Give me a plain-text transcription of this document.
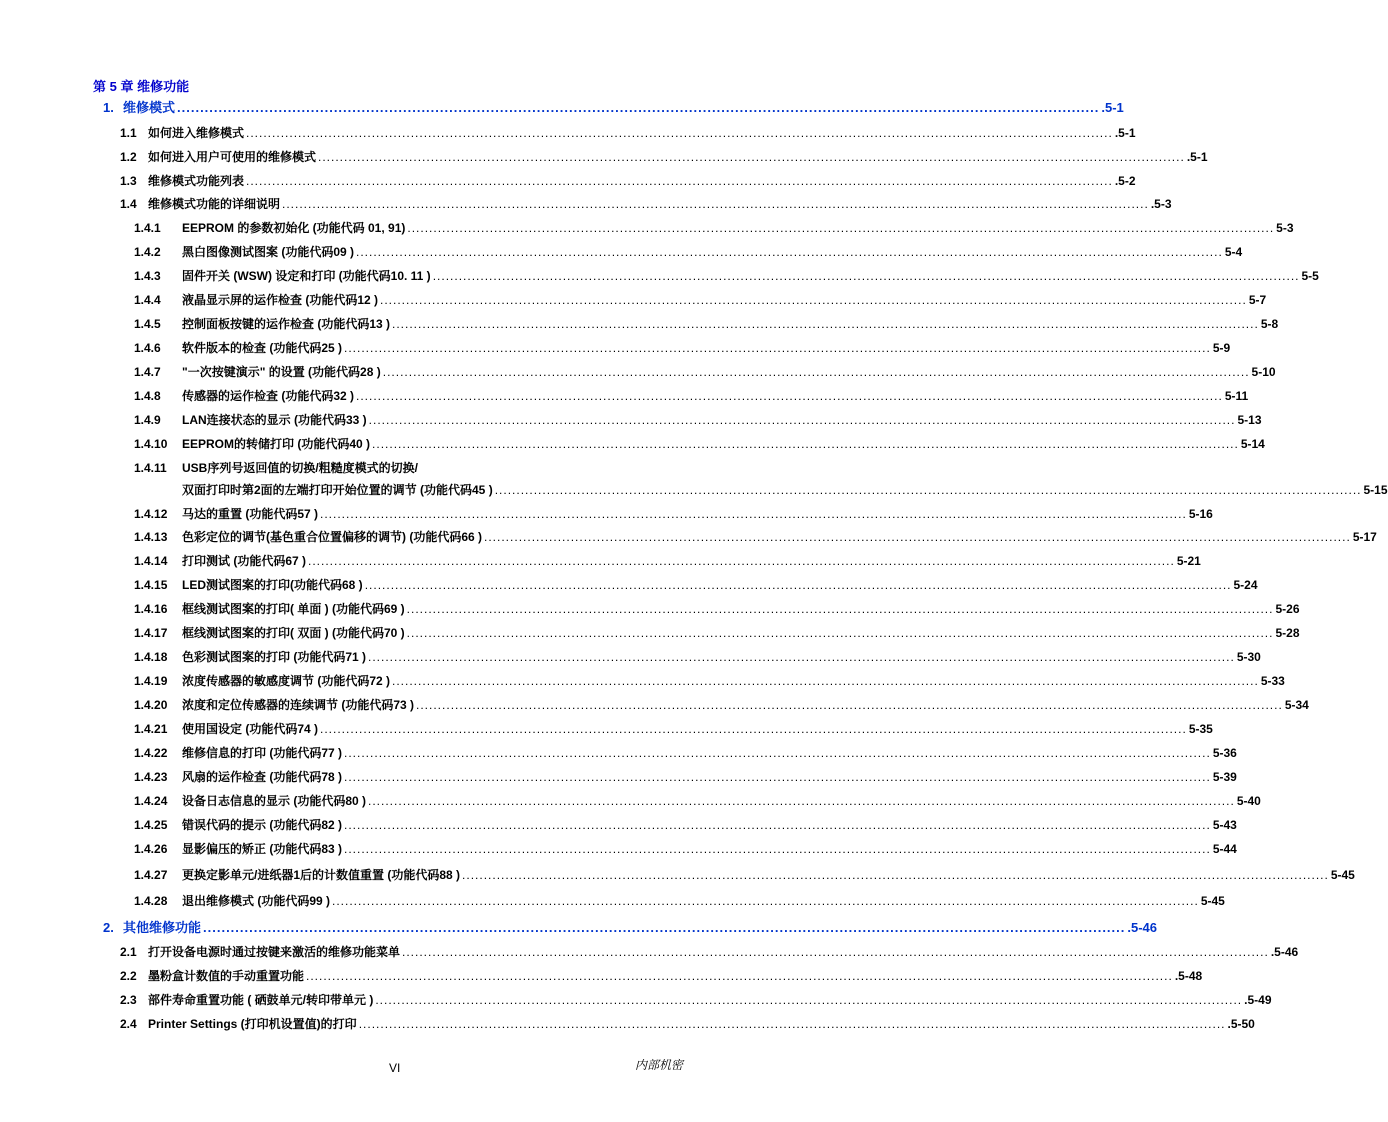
第 5 章 维修功能
1. 维修模式 ........................................................................................................................................................................................................ .5-1
1.1 如何进入维修模式 ........................................................................................................................................................................................................ .5-1
1.2 如何进入用户可使用的维修模式 ........................................................................................................................................................................................................ .5-1
1.3 维修模式功能列表 ........................................................................................................................................................................................................ .5-2
1.4 维修模式功能的详细说明 ........................................................................................................................................................................................................ .5-3
1.4.1	EEPROM 的参数初始化 (功能代码 01, 91) ........................................................................................................................................................................................................ 5-3
1.4.2	黑白图像测试图案 (功能代码09 ) ........................................................................................................................................................................................................ 5-4
1.4.3	固件开关 (WSW) 设定和打印 (功能代码10. 11 ) ........................................................................................................................................................................................................ 5-5
1.4.4	液晶显示屏的运作检查 (功能代码12 ) ........................................................................................................................................................................................................ 5-7
1.4.5	控制面板按键的运作检查 (功能代码13 ) ........................................................................................................................................................................................................ 5-8
1.4.6	软件版本的检查 (功能代码25 ) ........................................................................................................................................................................................................ 5-9
1.4.7	"一次按键演示" 的设置 (功能代码28 ) ........................................................................................................................................................................................................ 5-10
1.4.8	传感器的运作检查 (功能代码32 ) ........................................................................................................................................................................................................ 5-11
1.4.9	LAN连接状态的显示 (功能代码33 ) ........................................................................................................................................................................................................ 5-13
1.4.10	EEPROM的转储打印 (功能代码40 ) ........................................................................................................................................................................................................ 5-14
1.4.11	USB序列号返回值的切换/粗糙度模式的切换/
双面打印时第2面的左端打印开始位置的调节 (功能代码45 ) ........................................................................................................................................................................................................ 5-15
1.4.12	马达的重置 (功能代码57 ) ........................................................................................................................................................................................................ 5-16
1.4.13	色彩定位的调节(基色重合位置偏移的调节) (功能代码66 ) ........................................................................................................................................................................................................ 5-17
1.4.14	打印测试 (功能代码67 ) ........................................................................................................................................................................................................ 5-21
1.4.15	LED测试图案的打印(功能代码68 ) ........................................................................................................................................................................................................ 5-24
1.4.16	框线测试图案的打印( 单面 ) (功能代码69 ) ........................................................................................................................................................................................................ 5-26
1.4.17	框线测试图案的打印( 双面 ) (功能代码70 ) ........................................................................................................................................................................................................ 5-28
1.4.18	色彩测试图案的打印 (功能代码71 ) ........................................................................................................................................................................................................ 5-30
1.4.19	浓度传感器的敏感度调节 (功能代码72 ) ........................................................................................................................................................................................................ 5-33
1.4.20	浓度和定位传感器的连续调节 (功能代码73 ) ........................................................................................................................................................................................................ 5-34
1.4.21	使用国设定 (功能代码74 ) ........................................................................................................................................................................................................ 5-35
1.4.22	维修信息的打印 (功能代码77 ) ........................................................................................................................................................................................................ 5-36
1.4.23	风扇的运作检查 (功能代码78 ) ........................................................................................................................................................................................................ 5-39
1.4.24	设备日志信息的显示 (功能代码80 ) ........................................................................................................................................................................................................ 5-40
1.4.25	错误代码的提示 (功能代码82 ) ........................................................................................................................................................................................................ 5-43
1.4.26	显影偏压的矫正 (功能代码83 ) ........................................................................................................................................................................................................ 5-44
1.4.27	更换定影单元/进纸器1后的计数值重置 (功能代码88 ) ........................................................................................................................................................................................................ 5-45
1.4.28	退出维修模式 (功能代码99 ) ........................................................................................................................................................................................................ 5-45
2. 其他维修功能 ........................................................................................................................................................................................................ .5-46
2.1 打开设备电源时通过按键来激活的维修功能菜单 ........................................................................................................................................................................................................ .5-46
2.2 墨粉盒计数值的手动重置功能 ........................................................................................................................................................................................................ .5-48
2.3 部件寿命重置功能 ( 硒鼓单元/转印带单元 ) ........................................................................................................................................................................................................ .5-49
2.4 Printer Settings (打印机设置值)的打印 ........................................................................................................................................................................................................ .5-50
VI	内部机密
